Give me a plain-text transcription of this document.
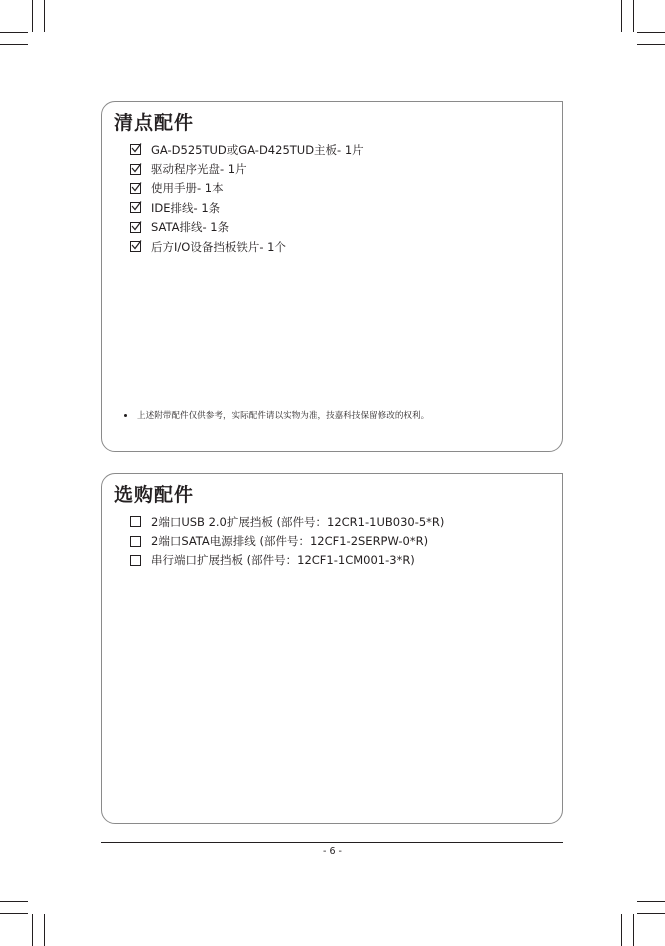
清点配件
GA-D525TUD或GA-D425TUD主板- 1片
驱动程序光盘- 1片
使用手册- 1本
IDE排线- 1条
SATA排线- 1条
后方I/O设备挡板铁片- 1个
上述附带配件仅供参考，实际配件请以实物为准，技嘉科技保留修改的权利。
选购配件
2端口USB 2.0扩展挡板 (部件号：12CR1-1UB030-5*R)
2端口SATA电源排线 (部件号：12CF1-2SERPW-0*R)
串行端口扩展挡板 (部件号：12CF1-1CM001-3*R)
- 6 -
